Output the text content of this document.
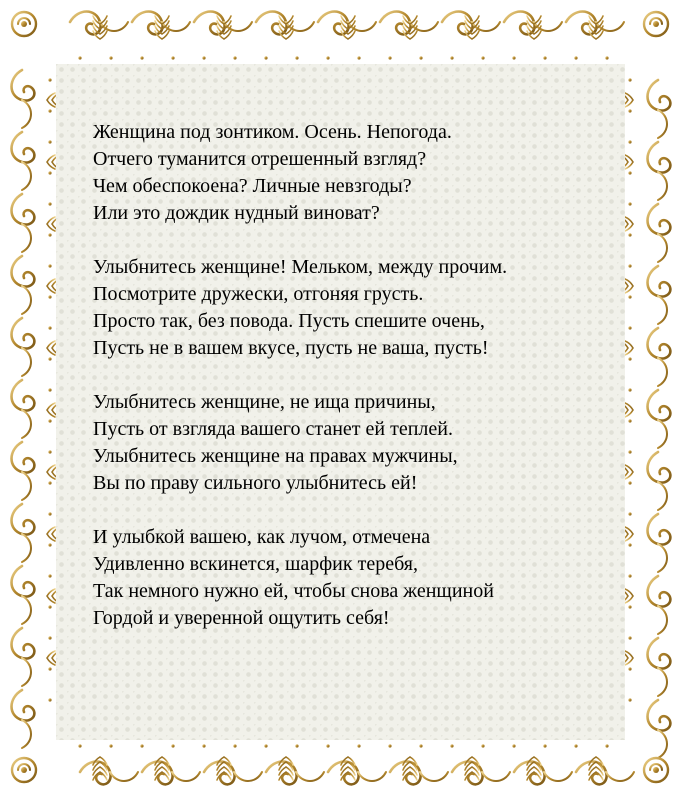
Женщина под зонтиком. Осень. Непогода.
Отчего туманится отрешенный взгляд?
Чем обеспокоена? Личные невзгоды?
Или это дождик нудный виноват?
Улыбнитесь женщине! Мельком, между прочим.
Посмотрите дружески, отгоняя грусть.
Просто так, без повода. Пусть спешите очень,
Пусть не в вашем вкусе, пусть не ваша, пусть!
Улыбнитесь женщине, не ища причины,
Пусть от взгляда вашего станет ей теплей.
Улыбнитесь женщине на правах мужчины,
Вы по праву сильного улыбнитесь ей!
И улыбкой вашею, как лучом, отмечена
Удивленно вскинется, шарфик теребя,
Так немного нужно ей, чтобы снова женщиной
Гордой и уверенной ощутить себя!
